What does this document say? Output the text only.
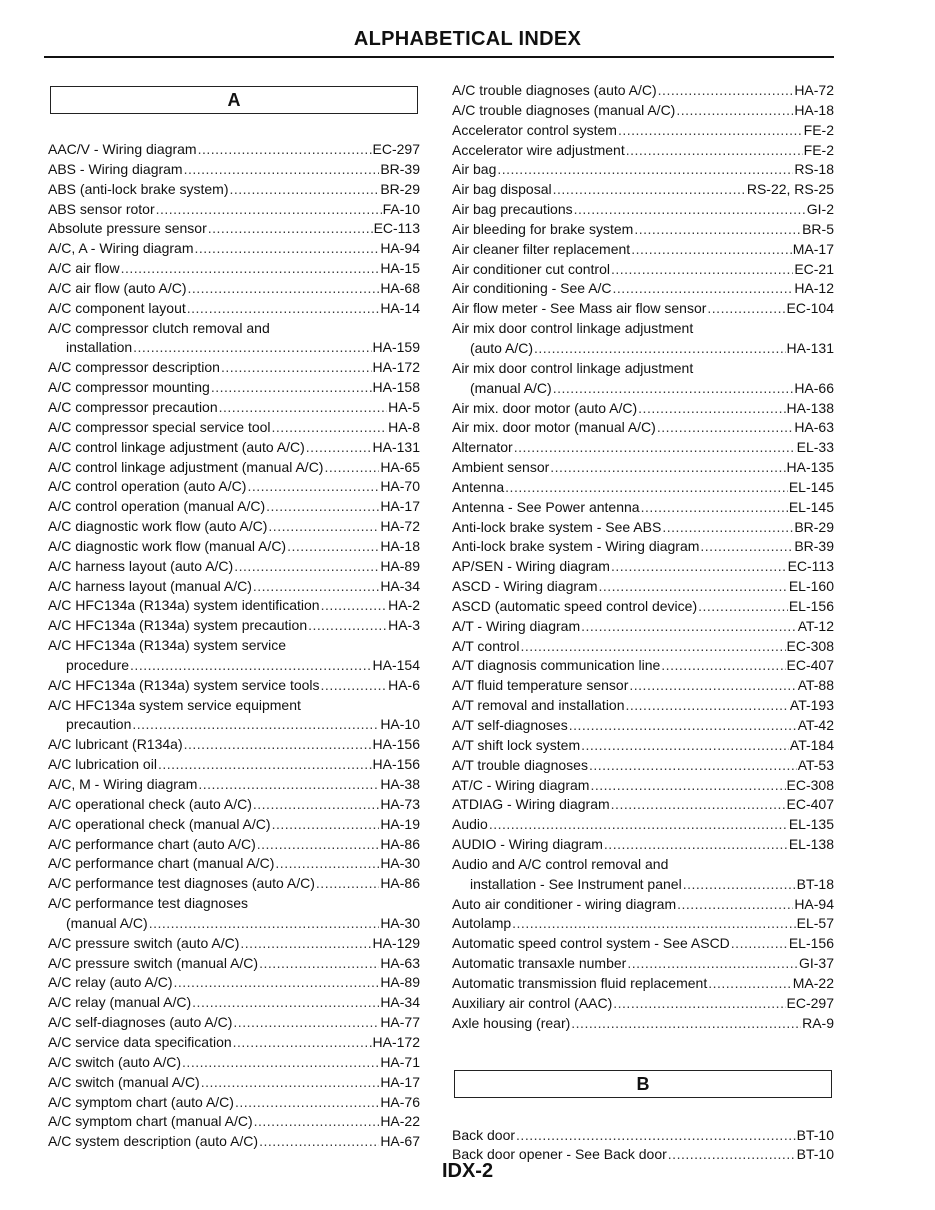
ALPHABETICAL INDEX
A
AAC/V - Wiring diagram .....	EC-297
ABS - Wiring diagram .....	BR-39
ABS (anti-lock brake system) .....	BR-29
ABS sensor rotor .....	FA-10
Absolute pressure sensor .....	EC-113
A/C, A - Wiring diagram .....	HA-94
A/C air flow .....	HA-15
A/C air flow (auto A/C) .....	HA-68
A/C component layout .....	HA-14
A/C compressor clutch removal and
installation .....	HA-159
A/C compressor description .....	HA-172
A/C compressor mounting .....	HA-158
A/C compressor precaution .....	HA-5
A/C compressor special service tool .....	HA-8
A/C control linkage adjustment (auto A/C) .....	HA-131
A/C control linkage adjustment (manual A/C) .....	HA-65
A/C control operation (auto A/C) .....	HA-70
A/C control operation (manual A/C) .....	HA-17
A/C diagnostic work flow (auto A/C) .....	HA-72
A/C diagnostic work flow (manual A/C) .....	HA-18
A/C harness layout (auto A/C) .....	HA-89
A/C harness layout (manual A/C) .....	HA-34
A/C HFC134a (R134a) system identification .....	HA-2
A/C HFC134a (R134a) system precaution .....	HA-3
A/C HFC134a (R134a) system service
procedure .....	HA-154
A/C HFC134a (R134a) system service tools .....	HA-6
A/C HFC134a system service equipment
precaution .....	HA-10
A/C lubricant (R134a) .....	HA-156
A/C lubrication oil .....	HA-156
A/C, M - Wiring diagram .....	HA-38
A/C operational check (auto A/C) .....	HA-73
A/C operational check (manual A/C) .....	HA-19
A/C performance chart (auto A/C) .....	HA-86
A/C performance chart (manual A/C) .....	HA-30
A/C performance test diagnoses (auto A/C) .....	HA-86
A/C performance test diagnoses
(manual A/C) .....	HA-30
A/C pressure switch (auto A/C) .....	HA-129
A/C pressure switch (manual A/C) .....	HA-63
A/C relay (auto A/C) .....	HA-89
A/C relay (manual A/C) .....	HA-34
A/C self-diagnoses (auto A/C) .....	HA-77
A/C service data specification .....	HA-172
A/C switch (auto A/C) .....	HA-71
A/C switch (manual A/C) .....	HA-17
A/C symptom chart (auto A/C) .....	HA-76
A/C symptom chart (manual A/C) .....	HA-22
A/C system description (auto A/C) .....	HA-67
A/C trouble diagnoses (auto A/C) .....	HA-72
A/C trouble diagnoses (manual A/C) .....	HA-18
Accelerator control system .....	FE-2
Accelerator wire adjustment .....	FE-2
Air bag .....	RS-18
Air bag disposal .....	RS-22, RS-25
Air bag precautions .....	GI-2
Air bleeding for brake system .....	BR-5
Air cleaner filter replacement .....	MA-17
Air conditioner cut control .....	EC-21
Air conditioning - See A/C .....	HA-12
Air flow meter - See Mass air flow sensor .....	EC-104
Air mix door control linkage adjustment
(auto A/C) .....	HA-131
Air mix door control linkage adjustment
(manual A/C) .....	HA-66
Air mix. door motor (auto A/C) .....	HA-138
Air mix. door motor (manual A/C) .....	HA-63
Alternator .....	EL-33
Ambient sensor .....	HA-135
Antenna .....	EL-145
Antenna - See Power antenna .....	EL-145
Anti-lock brake system - See ABS .....	BR-29
Anti-lock brake system - Wiring diagram .....	BR-39
AP/SEN - Wiring diagram .....	EC-113
ASCD - Wiring diagram .....	EL-160
ASCD (automatic speed control device) .....	EL-156
A/T - Wiring diagram .....	AT-12
A/T control .....	EC-308
A/T diagnosis communication line .....	EC-407
A/T fluid temperature sensor .....	AT-88
A/T removal and installation .....	AT-193
A/T self-diagnoses .....	AT-42
A/T shift lock system .....	AT-184
A/T trouble diagnoses .....	AT-53
AT/C - Wiring diagram .....	EC-308
ATDIAG - Wiring diagram .....	EC-407
Audio .....	EL-135
AUDIO - Wiring diagram .....	EL-138
Audio and A/C control removal and
installation - See Instrument panel .....	BT-18
Auto air conditioner - wiring diagram .....	HA-94
Autolamp .....	EL-57
Automatic speed control system - See ASCD .....	EL-156
Automatic transaxle number .....	GI-37
Automatic transmission fluid replacement .....	MA-22
Auxiliary air control (AAC) .....	EC-297
Axle housing (rear) .....	RA-9
B
Back door .....	BT-10
Back door opener - See Back door .....	BT-10
IDX-2
